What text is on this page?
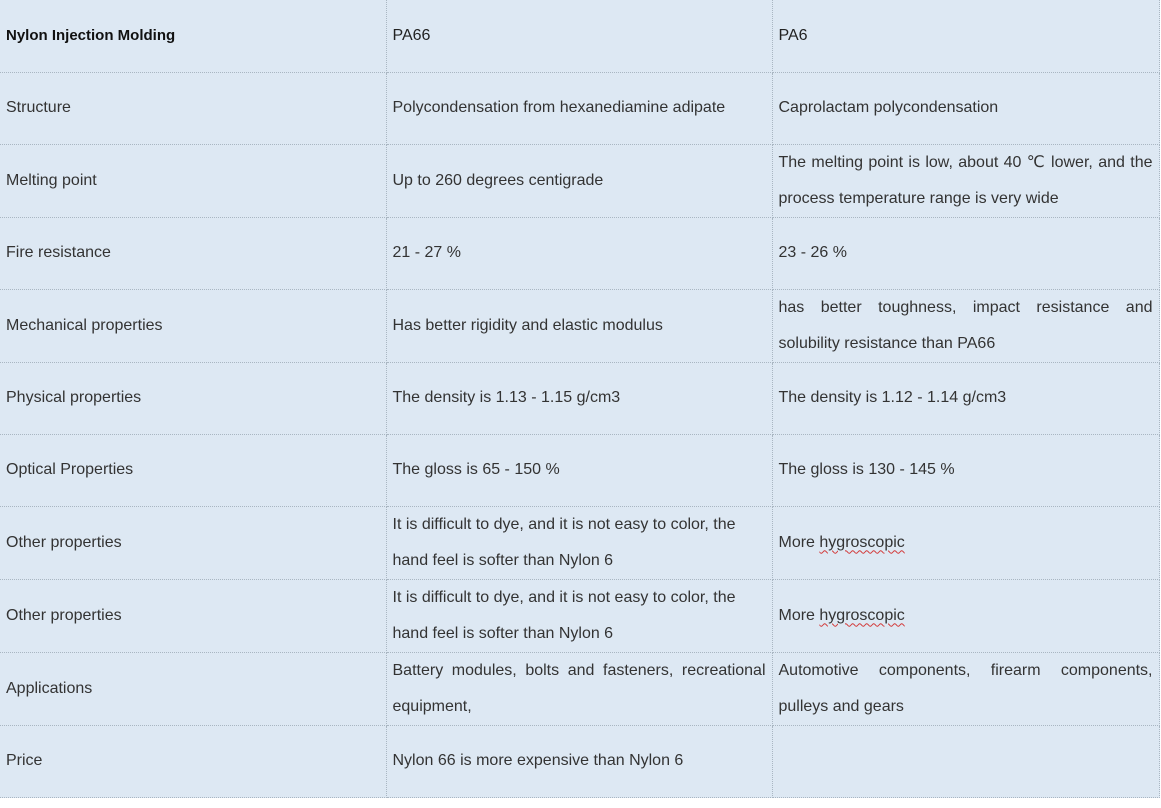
Nylon Injection Molding	PA66	PA6
Structure	Polycondensation from hexanediamine adipate	Caprolactam polycondensation
Melting point	Up to 260 degrees centigrade	The melting point is low, about 40 ℃ lower, and the process temperature range is very wide
Fire resistance	21 - 27 %	23 - 26 %
Mechanical properties	Has better rigidity and elastic modulus	has better toughness, impact resistance and solubility resistance than PA66
Physical properties	The density is 1.13 - 1.15 g/cm3	The density is 1.12 - 1.14 g/cm3
Optical Properties	The gloss is 65 - 150 %	The gloss is 130 - 145 %
Other properties	It is difficult to dye, and it is not easy to color, the hand feel is softer than Nylon 6	More hygroscopic
Other properties	It is difficult to dye, and it is not easy to color, the hand feel is softer than Nylon 6	More hygroscopic
Applications	Battery modules, bolts and fasteners, recreational equipment,	Automotive components, firearm components, pulleys and gears
Price	Nylon 66 is more expensive than Nylon 6	
